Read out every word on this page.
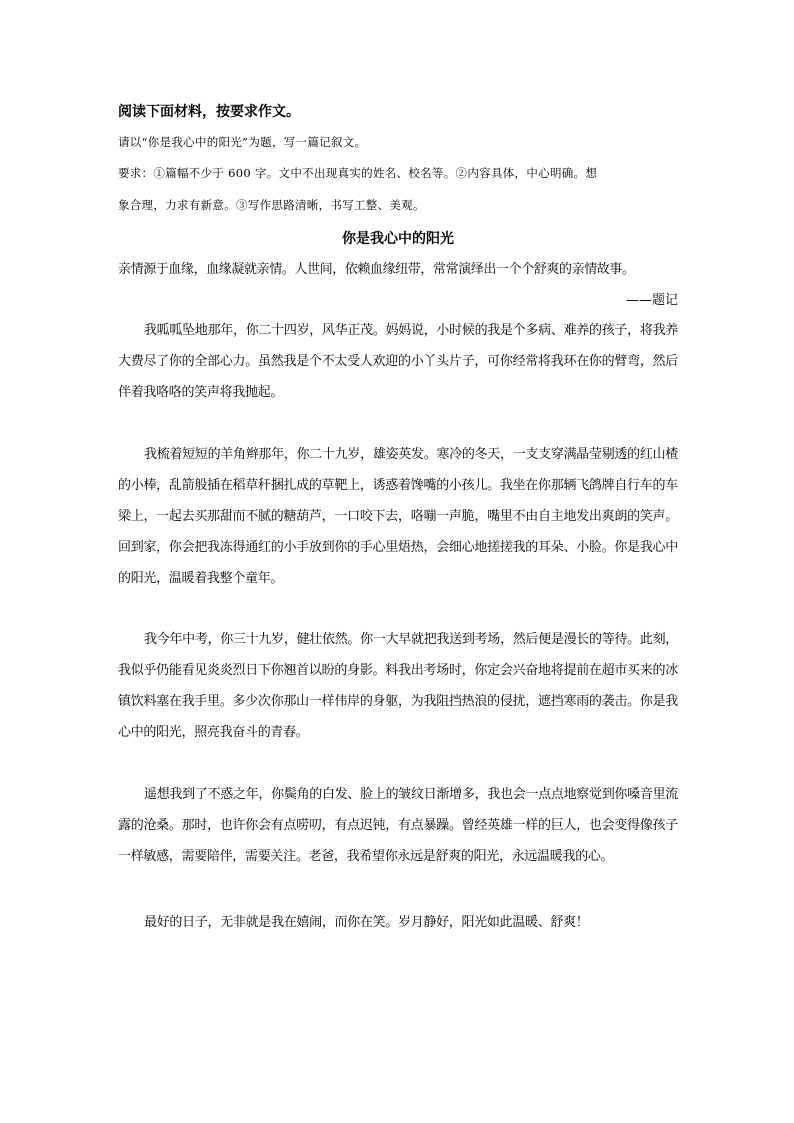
阅读下面材料，按要求作文。
请以“你是我心中的阳光”为题，写一篇记叙文。
要求：①篇幅不少于 600 字。文中不出现真实的姓名、校名等。②内容具体，中心明确。想
象合理，力求有新意。③写作思路清晰，书写工整、美观。
你是我心中的阳光
亲情源于血缘，血缘凝就亲情。人世间，依赖血缘纽带，常常演绎出一个个舒爽的亲情故事。
——题记

我呱呱坠地那年，你二十四岁，风华正茂。妈妈说，小时候的我是个多病、难养的孩子，将我养大费尽了你的全部心力。虽然我是个不太受人欢迎的小丫头片子，可你经常将我环在你的臂弯，然后伴着我咯咯的笑声将我抛起。

我梳着短短的羊角辫那年，你二十九岁，雄姿英发。寒冷的冬天，一支支穿满晶莹剔透的红山楂的小棒，乱箭般插在稻草秆捆扎成的草靶上，诱惑着馋嘴的小孩儿。我坐在你那辆飞鸽牌自行车的车梁上，一起去买那甜而不腻的糖葫芦，一口咬下去，咯嘣一声脆，嘴里不由自主地发出爽朗的笑声。回到家，你会把我冻得通红的小手放到你的手心里焐热，会细心地搓搓我的耳朵、小脸。你是我心中的阳光，温暖着我整个童年。

我今年中考，你三十九岁，健壮依然。你一大早就把我送到考场，然后便是漫长的等待。此刻，我似乎仍能看见炎炎烈日下你翘首以盼的身影。料我出考场时，你定会兴奋地将提前在超市买来的冰镇饮料塞在我手里。多少次你那山一样伟岸的身躯，为我阻挡热浪的侵扰，遮挡寒雨的袭击。你是我心中的阳光，照亮我奋斗的青春。

遥想我到了不惑之年，你鬓角的白发、脸上的皱纹日渐增多，我也会一点点地察觉到你嗓音里流露的沧桑。那时，也许你会有点唠叨，有点迟钝，有点暴躁。曾经英雄一样的巨人，也会变得像孩子一样敏感，需要陪伴，需要关注。老爸，我希望你永远是舒爽的阳光，永远温暖我的心。

最好的日子，无非就是我在嬉闹，而你在笑。岁月静好，阳光如此温暖、舒爽！
